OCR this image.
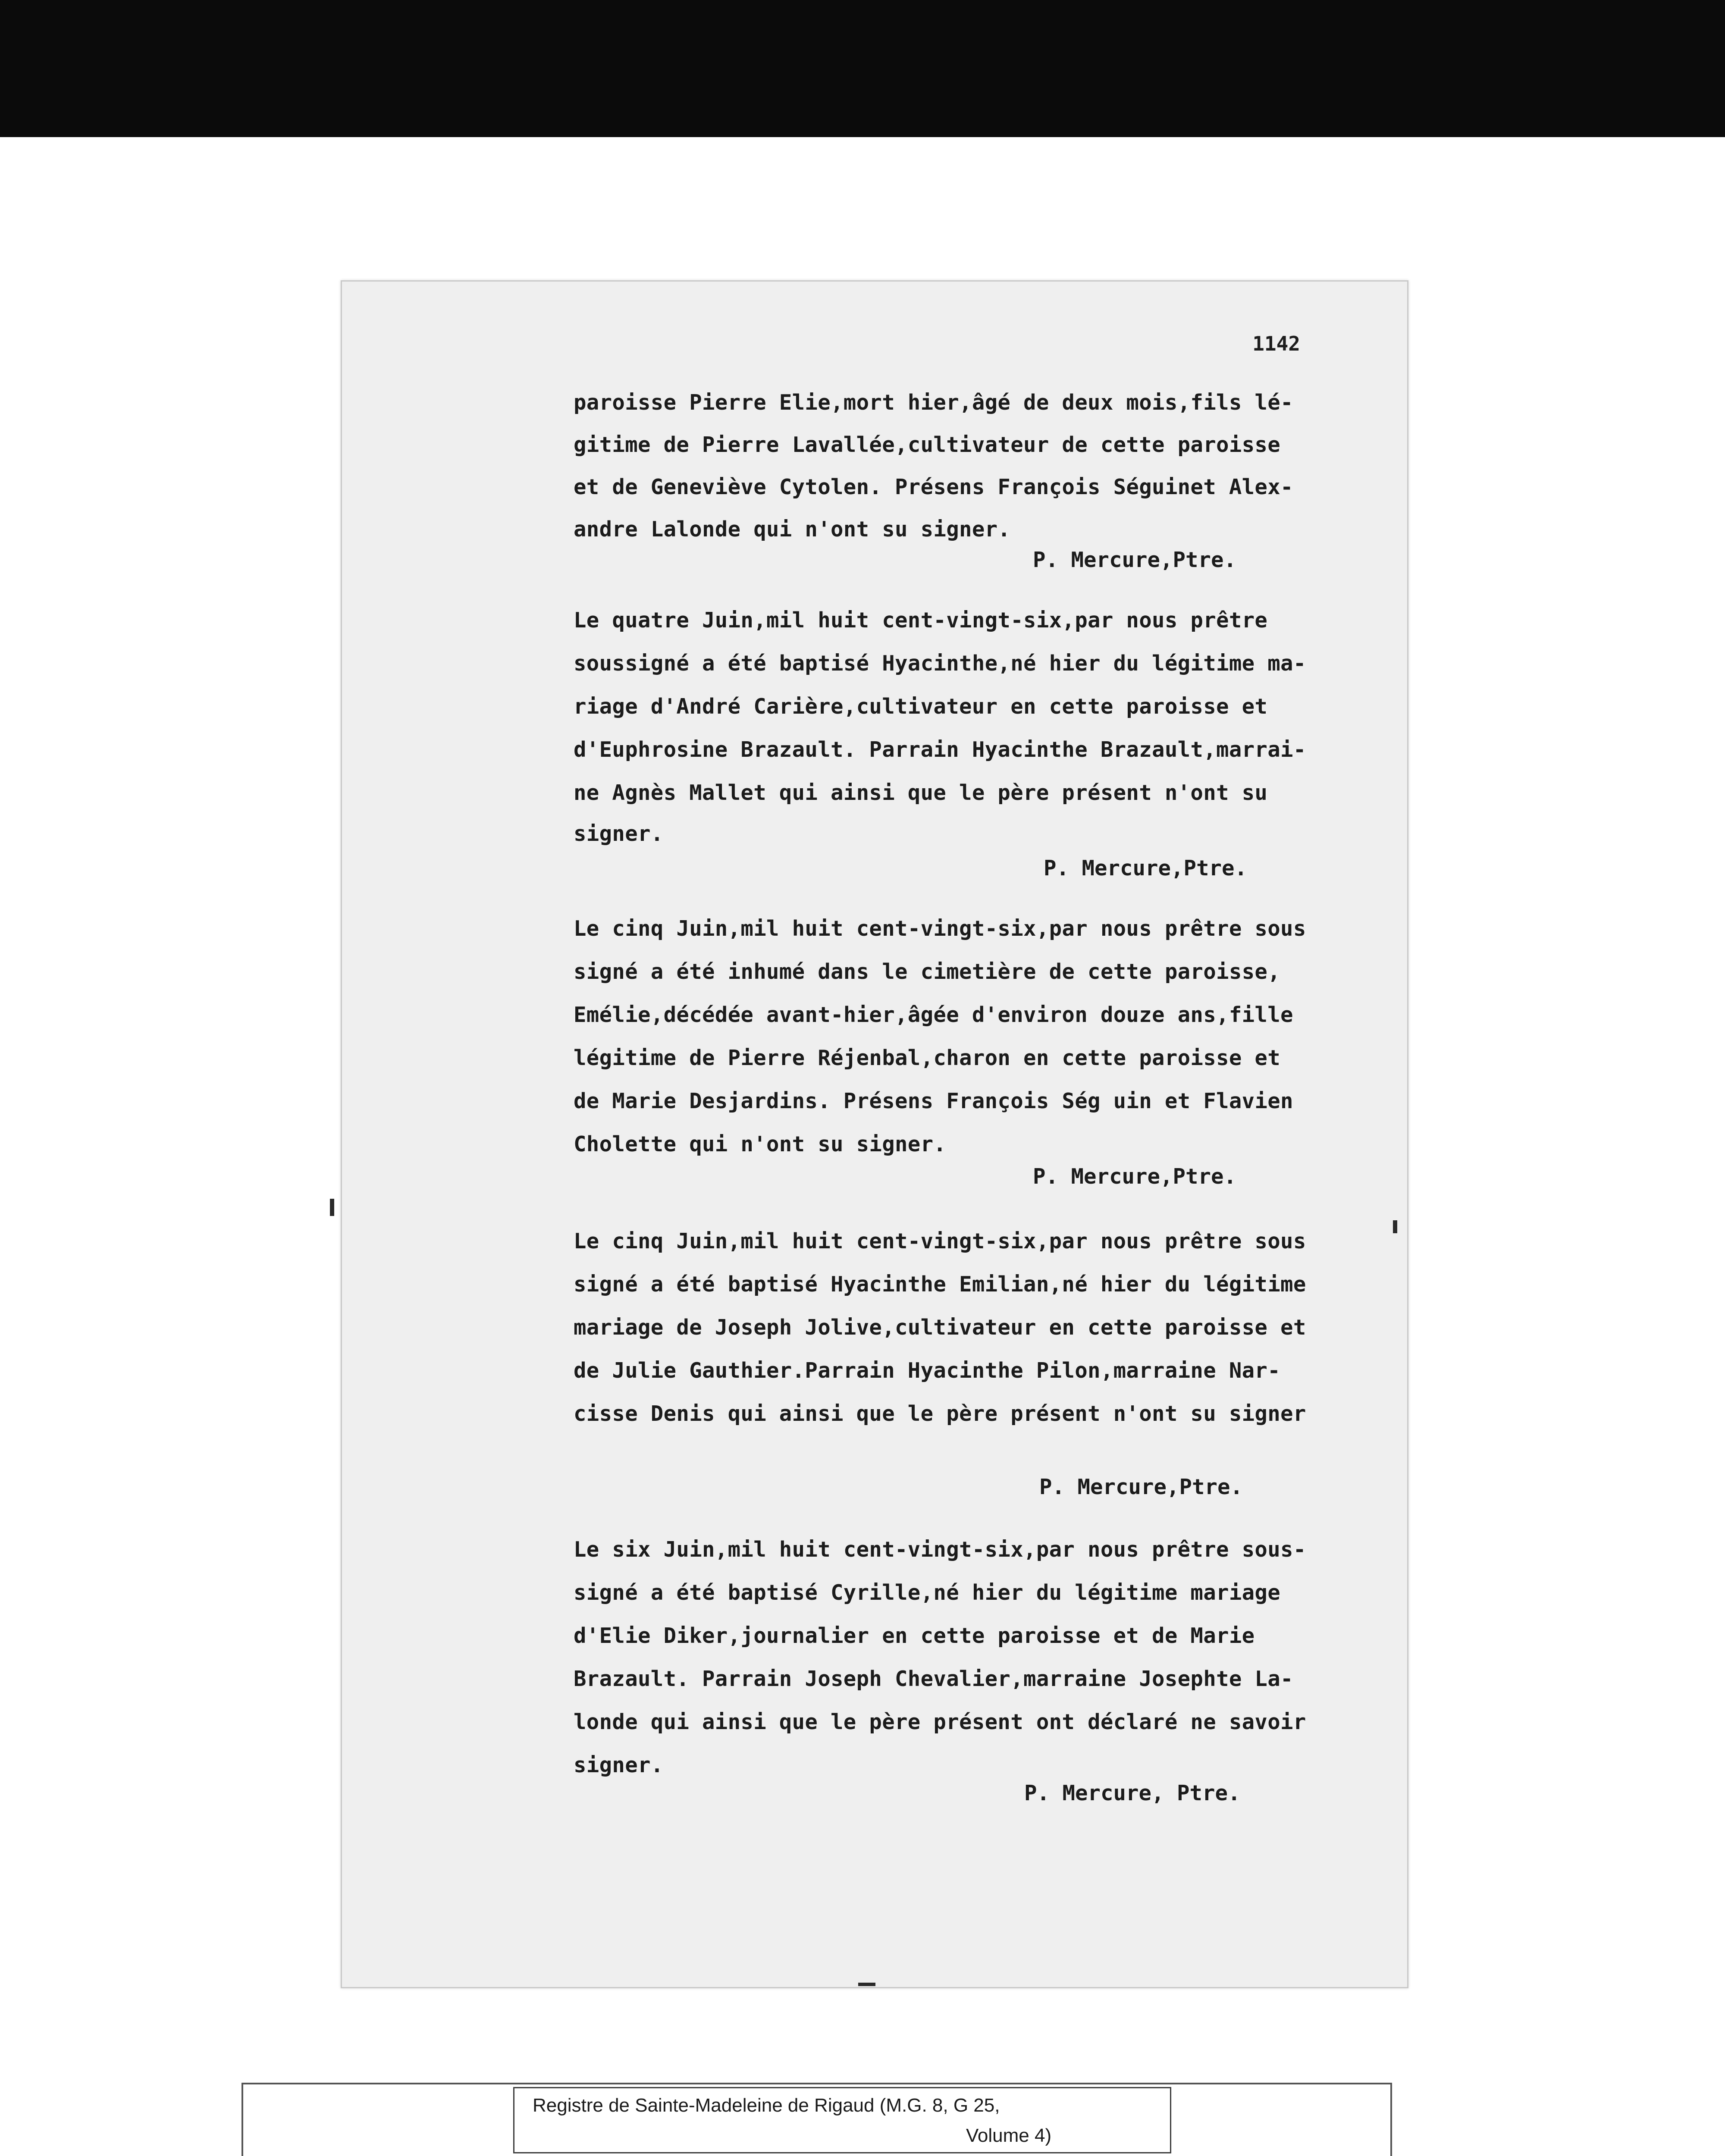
1142
paroisse Pierre Elie,mort hier,âgé de deux mois,fils lé-
gitime de Pierre Lavallée,cultivateur de cette paroisse
et de Geneviève Cytolen. Présens François Séguinet Alex-
andre Lalonde qui n'ont su signer.
P. Mercure,Ptre.
Le quatre Juin,mil huit cent-vingt-six,par nous prêtre
soussigné a été baptisé Hyacinthe,né hier du légitime ma-
riage d'André Carière,cultivateur en cette paroisse et
d'Euphrosine Brazault. Parrain Hyacinthe Brazault,marrai-
ne Agnès Mallet qui ainsi que le père présent n'ont su
signer.
P. Mercure,Ptre.
Le cinq Juin,mil huit cent-vingt-six,par nous prêtre sous
signé a été inhumé dans le cimetière de cette paroisse,
Emélie,décédée avant-hier,âgée d'environ douze ans,fille
légitime de Pierre Réjenbal,charon en cette paroisse et
de Marie Desjardins. Présens François Ség uin et Flavien
Cholette qui n'ont su signer.
P. Mercure,Ptre.
Le cinq Juin,mil huit cent-vingt-six,par nous prêtre sous
signé a été baptisé Hyacinthe Emilian,né hier du légitime
mariage de Joseph Jolive,cultivateur en cette paroisse et
de Julie Gauthier.Parrain Hyacinthe Pilon,marraine Nar-
cisse Denis qui ainsi que le père présent n'ont su signer
P. Mercure,Ptre.
Le six Juin,mil huit cent-vingt-six,par nous prêtre sous-
signé a été baptisé Cyrille,né hier du légitime mariage
d'Elie Diker,journalier en cette paroisse et de Marie
Brazault. Parrain Joseph Chevalier,marraine Josephte La-
londe qui ainsi que le père présent ont déclaré ne savoir
signer.
P. Mercure, Ptre.
Registre de Sainte-Madeleine de Rigaud (M.G. 8, G 25,
Volume 4)
